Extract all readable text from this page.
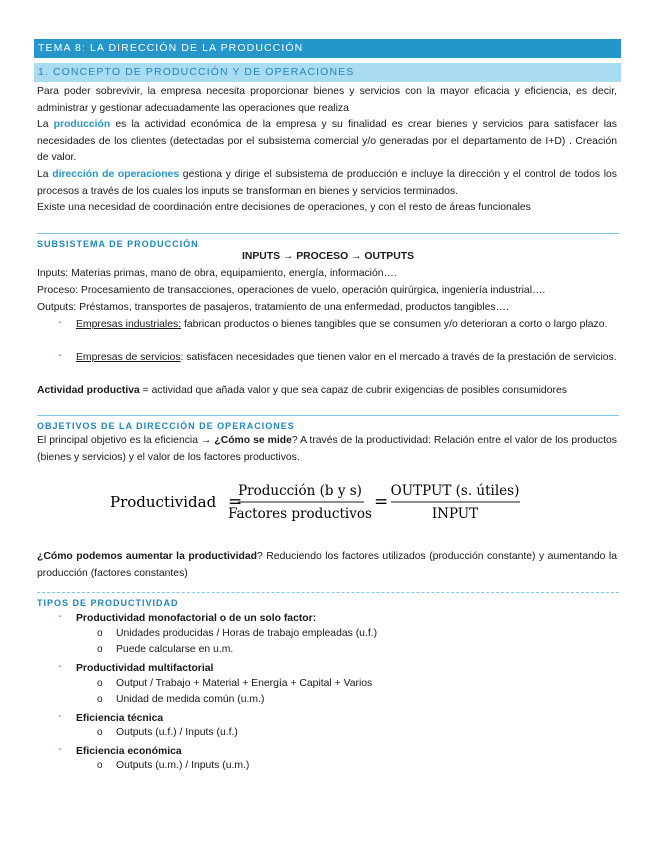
TEMA 8: LA DIRECCIÓN DE LA PRODUCCIÓN
1. CONCEPTO DE PRODUCCIÓN Y DE OPERACIONES

Para poder sobrevivir, la empresa necesita proporcionar bienes y servicios con la mayor eficacia y eficiencia, es decir, administrar y gestionar adecuadamente las operaciones que realiza

La producción es la actividad económica de la empresa y su finalidad es crear bienes y servicios para satisfacer las necesidades de los clientes (detectadas por el subsistema comercial y/o generadas por el departamento de I+D) . Creación de valor.

La dirección de operaciones gestiona y dirige el subsistema de producción e incluye la dirección y el control de todos los procesos a través de los cuales los inputs se transforman en bienes y servicios terminados.

Existe una necesidad de coordinación entre decisiones de operaciones, y con el resto de áreas funcionales

SUBSISTEMA DE PRODUCCIÓN
INPUTS → PROCESO → OUTPUTS
Inputs: Materias primas, mano de obra, equipamiento, energía, información….
Proceso: Procesamiento de transacciones, operaciones de vuelo, operación quirúrgica, ingeniería industrial….
Outputs: Préstamos, transportes de pasajeros, tratamiento de una enfermedad, productos tangibles….
- Empresas industriales: fabrican productos o bienes tangibles que se consumen y/o deterioran a corto o largo plazo.
- Empresas de servicios: satisfacen necesidades que tienen valor en el mercado a través de la prestación de servicios.
Actividad productiva = actividad que añada valor y que sea capaz de cubrir exigencias de posibles consumidores
OBJETIVOS DE LA DIRECCIÓN DE OPERACIONES

El principal objetivo es la eficiencia → ¿Cómo se mide? A través de la productividad: Relación entre el valor de los productos (bienes y servicios) y el valor de los factores productivos.

Productividad =
Producción (b y s)
Factores productivos
=
OUTPUT (s. útiles)
INPUT

¿Cómo podemos aumentar la productividad? Reduciendo los factores utilizados (producción constante) y aumentando la producción (factores constantes)

TIPOS DE PRODUCTIVIDAD
- Productividad monofactorial o de un solo factor:
o Unidades producidas / Horas de trabajo empleadas (u.f.)
o Puede calcularse en u.m.
- Productividad multifactorial
o Output / Trabajo + Material + Energía + Capital + Varios
o Unidad de medida común (u.m.)
- Eficiencia técnica
o Outputs (u.f.) / Inputs (u.f.)
- Eficiencia económica
o Outputs (u.m.) / Inputs (u.m.)
